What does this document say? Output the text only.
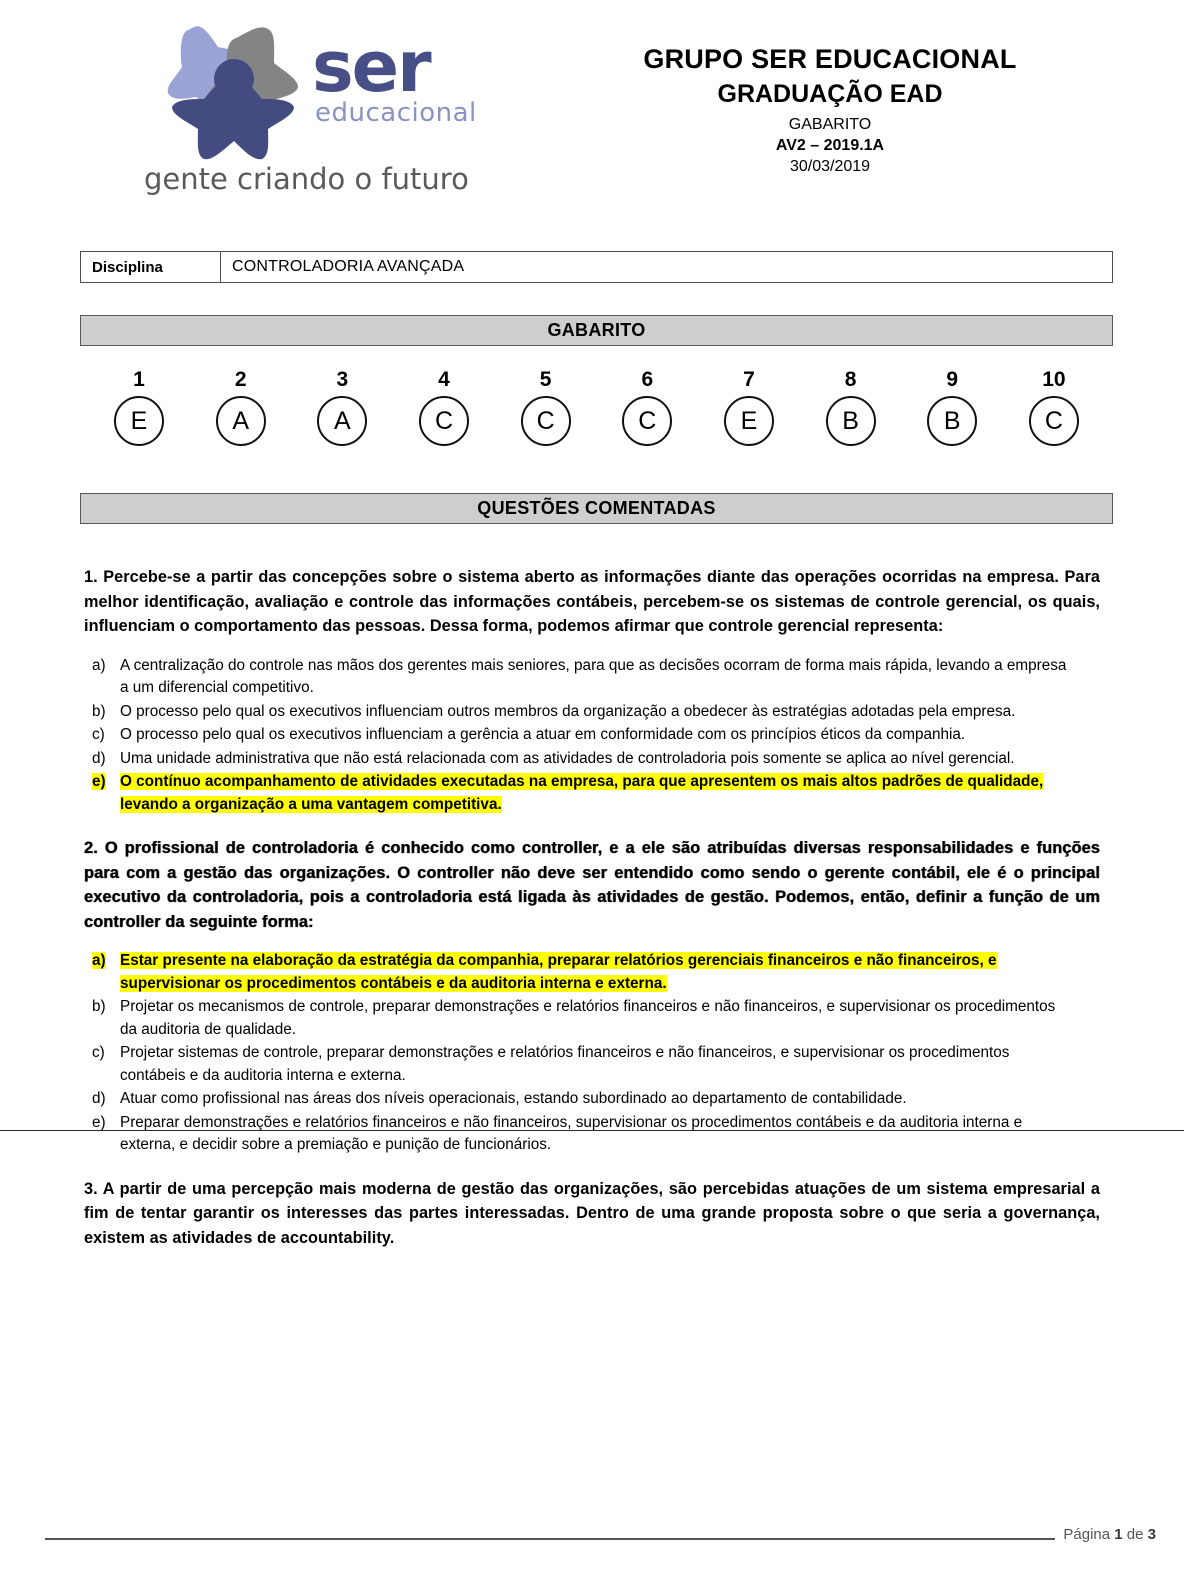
ser
educacional
gente criando o futuro
GRUPO SER EDUCACIONAL
GRADUAÇÃO EAD
GABARITO
AV2 – 2019.1A
30/03/2019
Disciplina	CONTROLADORIA AVANÇADA
GABARITO
1
E
2
A
3
A
4
C
5
C
6
C
7
E
8
B
9
B
10
C
QUESTÕES COMENTADAS

1. Percebe-se a partir das concepções sobre o sistema aberto as informações diante das operações ocorridas na empresa. Para melhor identificação, avaliação e controle das informações contábeis, percebem-se os sistemas de controle gerencial, os quais, influenciam o comportamento das pessoas. Dessa forma, podemos afirmar que controle gerencial representa:

a) A centralização do controle nas mãos dos gerentes mais seniores, para que as decisões ocorram de forma mais rápida, levando a empresa a um diferencial competitivo.
b) O processo pelo qual os executivos influenciam outros membros da organização a obedecer às estratégias adotadas pela empresa.
c) O processo pelo qual os executivos influenciam a gerência a atuar em conformidade com os princípios éticos da companhia.
d) Uma unidade administrativa que não está relacionada com as atividades de controladoria pois somente se aplica ao nível gerencial.
e) O contínuo acompanhamento de atividades executadas na empresa, para que apresentem os mais altos padrões de qualidade, levando a organização a uma vantagem competitiva.

2. O profissional de controladoria é conhecido como controller, e a ele são atribuídas diversas responsabilidades e funções para com a gestão das organizações. O controller não deve ser entendido como sendo o gerente contábil, ele é o principal executivo da controladoria, pois a controladoria está ligada às atividades de gestão. Podemos, então, definir a função de um controller da seguinte forma:

a) Estar presente na elaboração da estratégia da companhia, preparar relatórios gerenciais financeiros e não financeiros, e supervisionar os procedimentos contábeis e da auditoria interna e externa.
b) Projetar os mecanismos de controle, preparar demonstrações e relatórios financeiros e não financeiros, e supervisionar os procedimentos da auditoria de qualidade.
c) Projetar sistemas de controle, preparar demonstrações e relatórios financeiros e não financeiros, e supervisionar os procedimentos contábeis e da auditoria interna e externa.
d) Atuar como profissional nas áreas dos níveis operacionais, estando subordinado ao departamento de contabilidade.
e) Preparar demonstrações e relatórios financeiros e não financeiros, supervisionar os procedimentos contábeis e da auditoria interna e externa, e decidir sobre a premiação e punição de funcionários.

3. A partir de uma percepção mais moderna de gestão das organizações, são percebidas atuações de um sistema empresarial a fim de tentar garantir os interesses das partes interessadas. Dentro de uma grande proposta sobre o que seria a governança, existem as atividades de accountability.

Página 1 de 3
